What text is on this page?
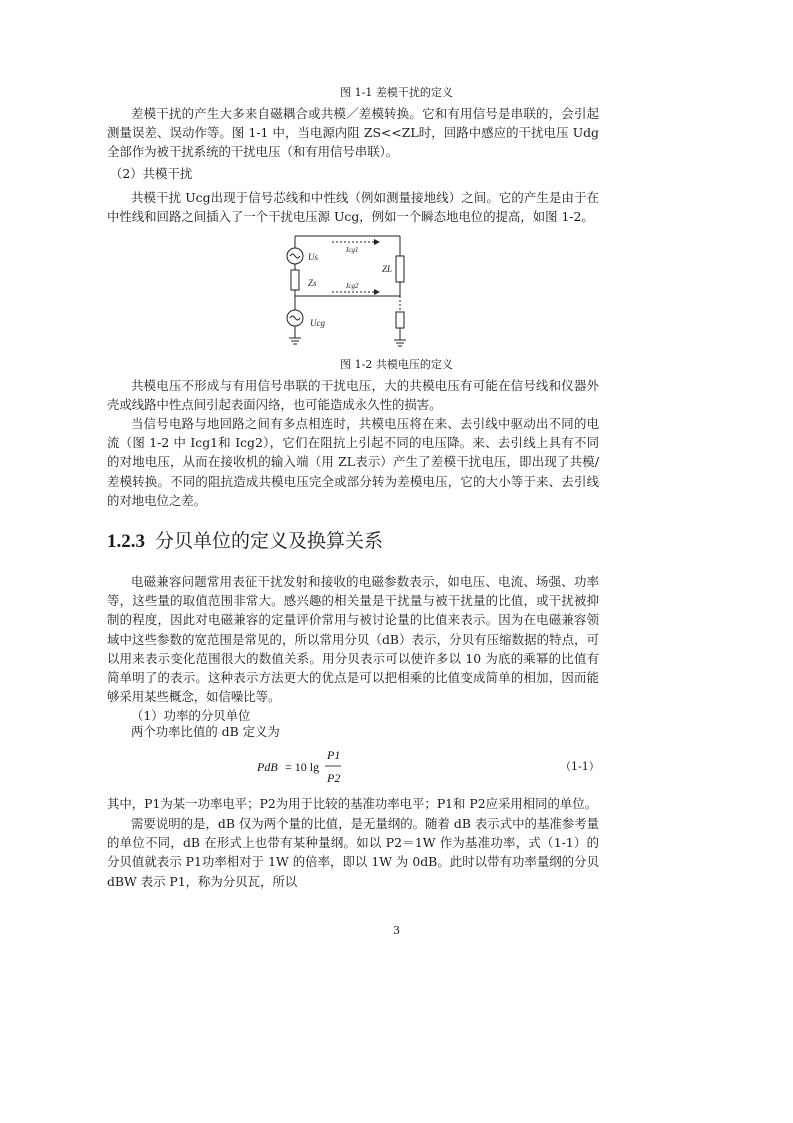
图 1-1 差模干扰的定义

差模干扰的产生大多来自磁耦合或共模／差模转换。它和有用信号是串联的，会引起测量误差、误动作等。图 1-1 中，当电源内阻 ZS<<ZL时，回路中感应的干扰电压 Udg全部作为被干扰系统的干扰电压（和有用信号串联）。

（2）共模干扰

共模干扰 Ucg出现于信号芯线和中性线（例如测量接地线）之间。它的产生是由于在中性线和回路之间插入了一个干扰电压源 Ucg，例如一个瞬态地电位的提高，如图 1-2。

Us
Zs
ZL
Ucg
Icg1
Icg2
图 1-2 共模电压的定义

共模电压不形成与有用信号串联的干扰电压，大的共模电压有可能在信号线和仪器外壳或线路中性点间引起表面闪络，也可能造成永久性的损害。

当信号电路与地回路之间有多点相连时，共模电压将在来、去引线中驱动出不同的电流（图 1-2 中 Icg1和 Icg2），它们在阻抗上引起不同的电压降。来、去引线上具有不同的对地电压，从而在接收机的输入端（用 ZL表示）产生了差模干扰电压，即出现了共模/差模转换。不同的阻抗造成共模电压完全或部分转为差模电压，它的大小等于来、去引线的对地电位之差。

1.2.3 分贝单位的定义及换算关系

电磁兼容问题常用表征干扰发射和接收的电磁参数表示，如电压、电流、场强、功率等，这些量的取值范围非常大。感兴趣的相关量是干扰量与被干扰量的比值，或干扰被抑制的程度，因此对电磁兼容的定量评价常用与被讨论量的比值来表示。因为在电磁兼容领域中这些参数的宽范围是常见的，所以常用分贝（dB）表示，分贝有压缩数据的特点，可以用来表示变化范围很大的数值关系。用分贝表示可以使许多以 10 为底的乘幂的比值有简单明了的表示。这种表示方法更大的优点是可以把相乘的比值变成简单的相加，因而能够采用某些概念，如信噪比等。

（1）功率的分贝单位

两个功率比值的 dB 定义为

PdB = 10 lg
P1
P2
（1-1）

其中，P1为某一功率电平；P2为用于比较的基准功率电平；P1和 P2应采用相同的单位。

需要说明的是，dB 仅为两个量的比值，是无量纲的。随着 dB 表示式中的基准参考量的单位不同，dB 在形式上也带有某种量纲。如以 P2＝1W 作为基准功率，式（1-1）的分贝值就表示 P1功率相对于 1W 的倍率，即以 1W 为 0dB。此时以带有功率量纲的分贝 dBW 表示 P1，称为分贝瓦，所以

3
